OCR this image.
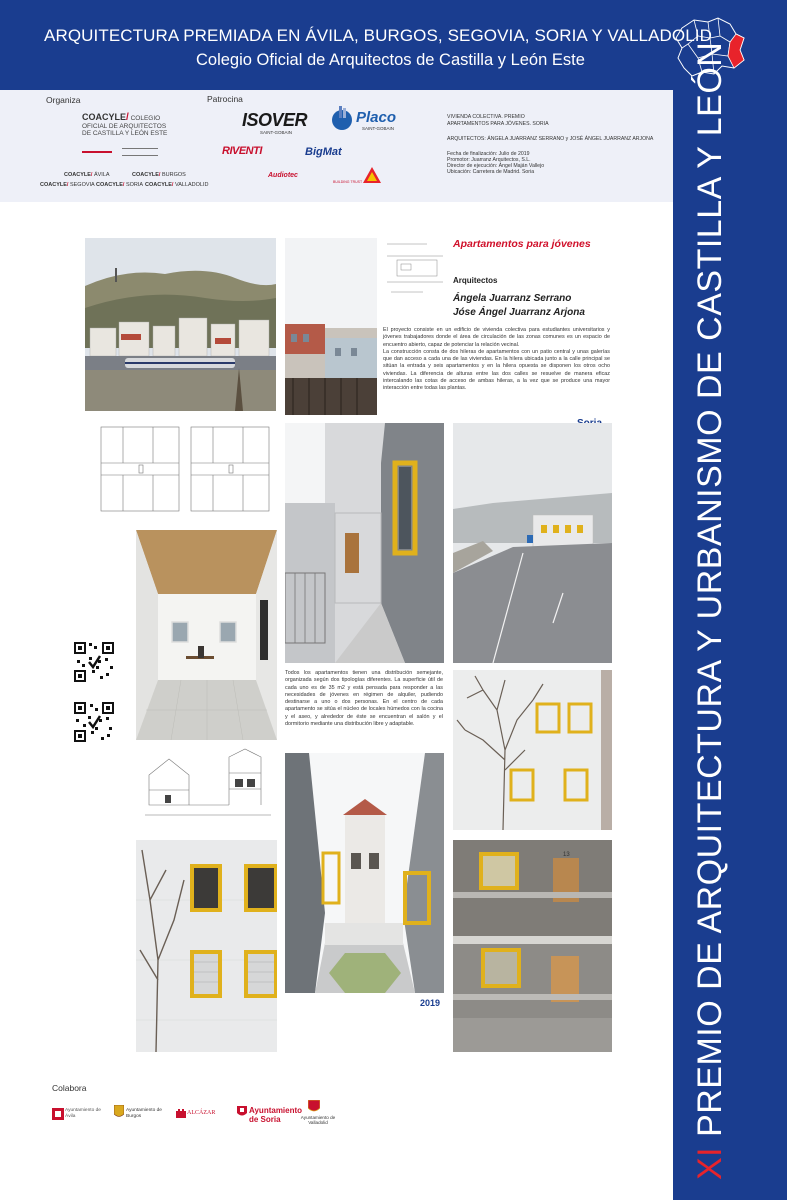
ARQUITECTURA PREMIADA EN ÁVILA, BURGOS, SEGOVIA, SORIA Y VALLADOLID
Colegio Oficial de Arquitectos de Castilla y León Este
Organiza	Patrocina
COACYLE/ COLEGIO
OFICIAL DE ARQUITECTOS
DE CASTILLA Y LEÓN ESTE
COACYLE/ ÁVILA	COACYLE/ BURGOS
COACYLE/ SEGOVIA COACYLE/ SORIA COACYLE/ VALLADOLID
ISOVER
SAINT-GOBAIN
Placo
SAINT-GOBAIN
RIVENTI	BigMat
Audiotec
BUILDING TRUST
VIVIENDA COLECTIVA. PREMIO
APARTAMENTOS PARA JÓVENES. SORIA
ARQUITECTOS: ÁNGELA JUARRANZ SERRANO y JOSÉ ÁNGEL JUARRANZ ARJONA
Fecha de finalización: Julio de 2019
Promotor: Juarranz Arquitectos, S.L.
Director de ejecución: Ángel Maján Vallejo
Ubicación: Carretera de Madrid. Soria
XI PREMIO DE ARQUITECTURA Y URBANISMO DE CASTILLA Y LEÓN
Apartamentos para jóvenes
Arquitectos
Ángela Juarranz Serrano
Jóse Ángel Juarranz Arjona
El proyecto consiste en un edificio de vivienda colectiva para estudiantes universitarios y jóvenes trabajadores donde el área de circulación de las zonas comunes es un espacio de encuentro abierto, capaz de potenciar la relación vecinal.
La construcción consta de dos hileras de apartamentos con un patio central y unas galerías que dan acceso a cada una de las viviendas. En la hilera ubicada junto a la calle principal se sitúan la entrada y seis apartamentos y en la hilera opuesta se disponen los otros ocho viviendas. La diferencia de alturas entre las dos calles se resuelve de manera eficaz intercalando las cotas de acceso de ambas hileras, a la vez que se produce una mayor interacción entre todas las plantas.
Todos los apartamentos tienen una distribución semejante, organizada según dos tipologías diferentes. La superficie útil de cada uno es de 35 m2 y está pensada para responder a las necesidades de jóvenes en régimen de alquiler, pudiendo destinarse a uno o dos personas. En el centro de cada apartamento se sitúa el núcleo de locales húmedos con la cocina y el aseo, y alrededor de éste se encuentran el salón y el dormitorio mediante una distribución libre y adaptable.
2019
13
Colabora
Ayuntamiento de Ávila
Ayuntamiento de Burgos	ALCÁZAR	Ayuntamiento de Soria	Ayuntamiento de Valladolid
